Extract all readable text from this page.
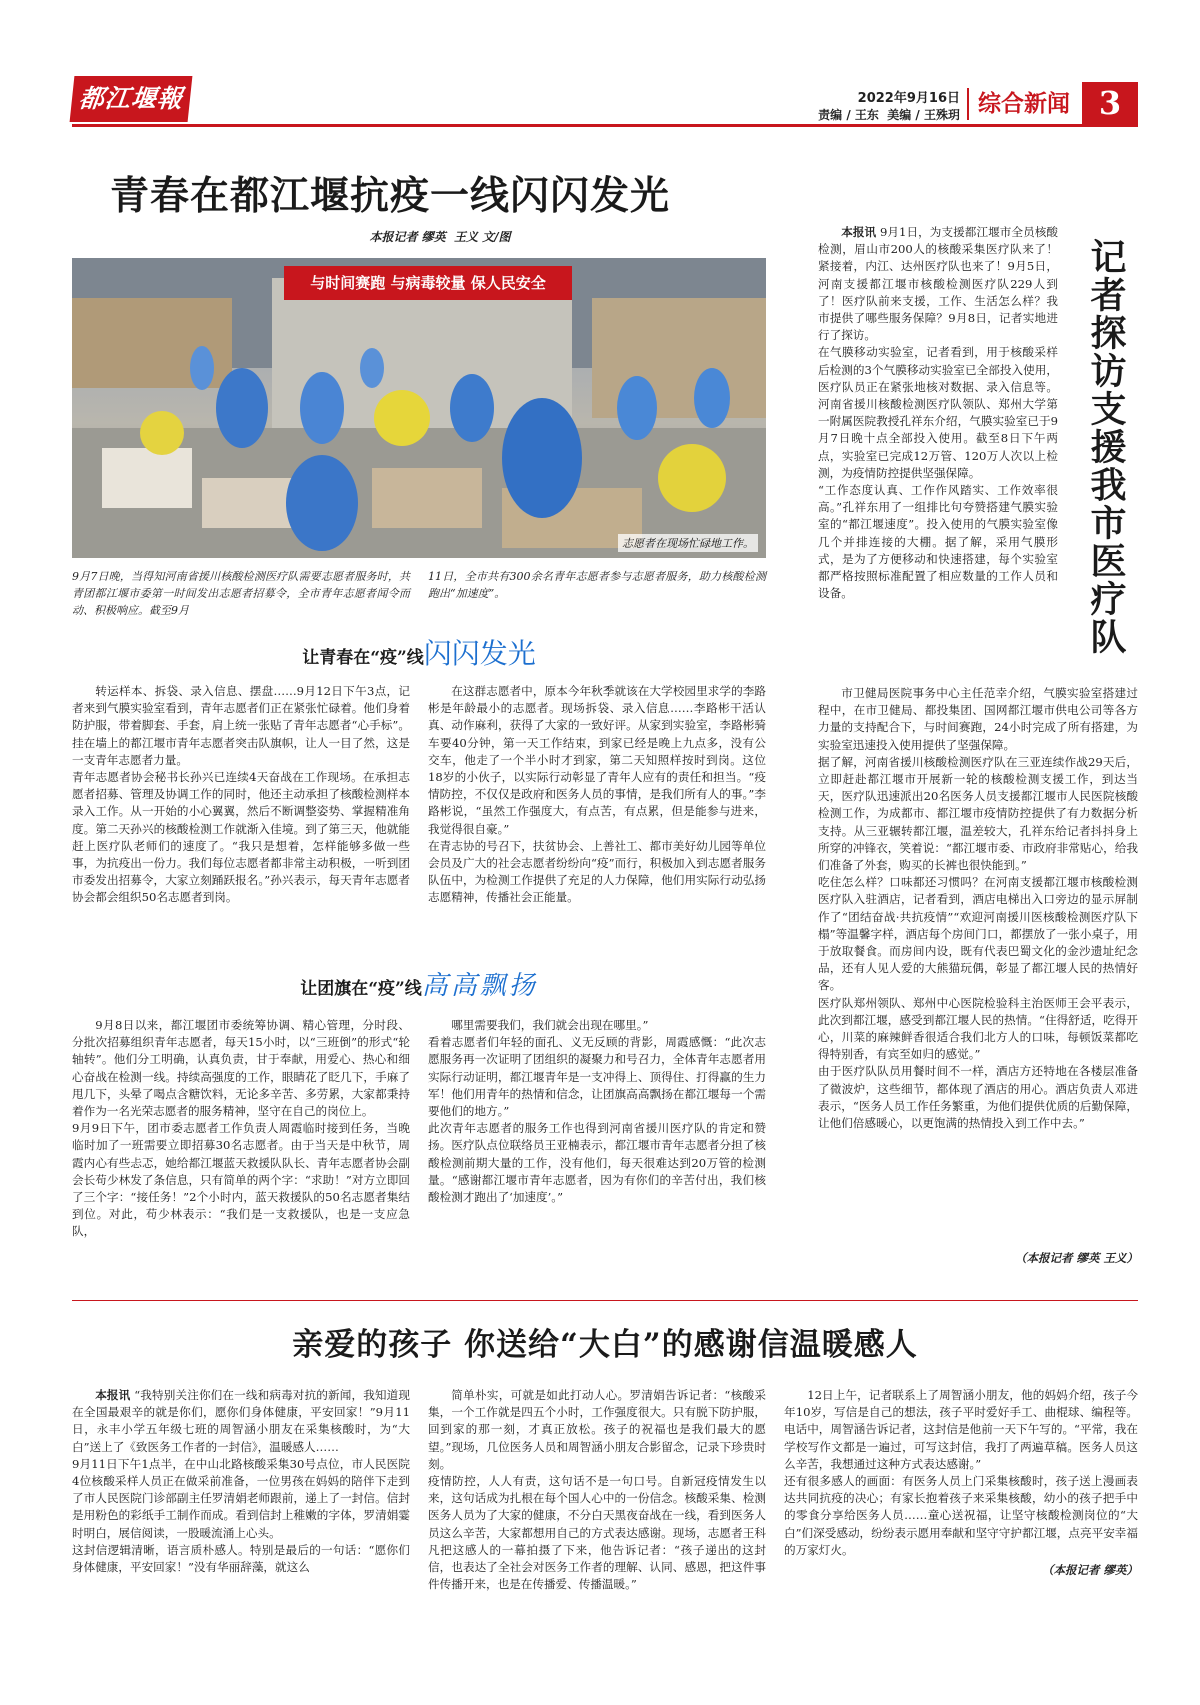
都江堰報	2022年9月16日
责编 / 王东  美编 / 王殊玥 综合新闻 3
青春在都江堰抗疫一线闪闪发光
本报记者 缪英  王义 文/图
与时间赛跑 与病毒较量 保人民安全
志愿者在现场忙碌地工作。
9月7日晚，当得知河南省援川核酸检测医疗队需要志愿者服务时，共青团都江堰市委第一时间发出志愿者招募令，全市青年志愿者闻令而动、积极响应。截至9月
11日，全市共有300余名青年志愿者参与志愿者服务，助力核酸检测跑出“加速度”。
让青春在“疫”线闪闪发光
转运样本、拆袋、录入信息、摆盘……9月12日下午3点，记者来到气膜实验室看到，青年志愿者们正在紧张忙碌着。他们身着防护服，带着脚套、手套，肩上统一张贴了青年志愿者“心手标”。挂在墙上的都江堰市青年志愿者突击队旗帜，让人一目了然，这是一支青年志愿者力量。
青年志愿者协会秘书长孙兴已连续4天奋战在工作现场。在承担志愿者招募、管理及协调工作的同时，他还主动承担了核酸检测样本录入工作。从一开始的小心翼翼，然后不断调整姿势、掌握精准角度。第二天孙兴的核酸检测工作就渐入佳境。到了第三天，他就能赶上医疗队老师们的速度了。“我只是想着，怎样能够多做一些事，为抗疫出一份力。我们每位志愿者都非常主动积极，一听到团市委发出招募令，大家立刻踊跃报名。”孙兴表示，每天青年志愿者协会都会组织50名志愿者到岗。
在这群志愿者中，原本今年秋季就该在大学校园里求学的李路彬是年龄最小的志愿者。现场拆袋、录入信息……李路彬干活认真、动作麻利，获得了大家的一致好评。从家到实验室，李路彬骑车要40分钟，第一天工作结束，到家已经是晚上九点多，没有公交车，他走了一个半小时才到家，第二天知照样按时到岗。这位18岁的小伙子，以实际行动彰显了青年人应有的责任和担当。“疫情防控，不仅仅是政府和医务人员的事情，是我们所有人的事。”李路彬说，“虽然工作强度大，有点苦，有点累，但是能参与进来，我觉得很自豪。”
在青志协的号召下，扶贫协会、上善社工、都市美好幼儿园等单位会员及广大的社会志愿者纷纷向“疫”而行，积极加入到志愿者服务队伍中，为检测工作提供了充足的人力保障，他们用实际行动弘扬志愿精神，传播社会正能量。
让团旗在“疫”线高高飘扬
9月8日以来，都江堰团市委统筹协调、精心管理，分时段、分批次招募组织青年志愿者，每天15小时，以“三班倒”的形式“轮轴转”。他们分工明确，认真负责，甘于奉献，用爱心、热心和细心奋战在检测一线。持续高强度的工作，眼睛花了眨几下，手麻了甩几下，头晕了喝点含糖饮料，无论多辛苦、多劳累，大家都秉持着作为一名光荣志愿者的服务精神，坚守在自己的岗位上。
9月9日下午，团市委志愿者工作负责人周霞临时接到任务，当晚临时加了一班需要立即招募30名志愿者。由于当天是中秋节，周霞内心有些忐忑，她给都江堰蓝天救援队队长、青年志愿者协会副会长苟少林发了条信息，只有简单的两个字：“求助！”对方立即回了三个字：“接任务！”2个小时内，蓝天救援队的50名志愿者集结到位。对此，苟少林表示：“我们是一支救援队，也是一支应急队，
哪里需要我们，我们就会出现在哪里。”
看着志愿者们年轻的面孔、义无反顾的背影，周霞感慨：“此次志愿服务再一次证明了团组织的凝聚力和号召力，全体青年志愿者用实际行动证明，都江堰青年是一支冲得上、顶得住、打得赢的生力军！他们用青年的热情和信念，让团旗高高飘扬在都江堰每一个需要他们的地方。”
此次青年志愿者的服务工作也得到河南省援川医疗队的肯定和赞扬。医疗队点位联络员王亚楠表示，都江堰市青年志愿者分担了核酸检测前期大量的工作，没有他们，每天很难达到20万管的检测量。“感谢都江堰市青年志愿者，因为有你们的辛苦付出，我们核酸检测才跑出了‘加速度’。”
记者探访支援我市医疗队
本报讯 9月1日，为支援都江堰市全员核酸检测，眉山市200人的核酸采集医疗队来了！紧接着，内江、达州医疗队也来了！9月5日，河南支援都江堰市核酸检测医疗队229人到了！医疗队前来支援，工作、生活怎么样？我市提供了哪些服务保障？9月8日，记者实地进行了探访。
在气膜移动实验室，记者看到，用于核酸采样后检测的3个气膜移动实验室已全部投入使用，医疗队员正在紧张地核对数据、录入信息等。河南省援川核酸检测医疗队领队、郑州大学第一附属医院教授孔祥东介绍，气膜实验室已于9月7日晚十点全部投入使用。截至8日下午两点，实验室已完成12万管、120万人次以上检测，为疫情防控提供坚强保障。
“工作态度认真、工作作风踏实、工作效率很高。”孔祥东用了一组排比句夸赞搭建气膜实验室的“都江堰速度”。投入使用的气膜实验室像几个并排连接的大棚。据了解，采用气膜形式，是为了方便移动和快速搭建，每个实验室都严格按照标准配置了相应数量的工作人员和设备。
市卫健局医院事务中心主任范幸介绍，气膜实验室搭建过程中，在市卫健局、都投集团、国网都江堰市供电公司等各方力量的支持配合下，与时间赛跑，24小时完成了所有搭建，为实验室迅速投入使用提供了坚强保障。
据了解，河南省援川核酸检测医疗队在三亚连续作战29天后，立即赶赴都江堰市开展新一轮的核酸检测支援工作，到达当天，医疗队迅速派出20名医务人员支援都江堰市人民医院核酸检测工作，为成都市、都江堰市疫情防控提供了有力数据分析支持。从三亚辗转都江堰，温差较大，孔祥东给记者抖抖身上所穿的冲锋衣，笑着说：“都江堰市委、市政府非常贴心，给我们准备了外套，购买的长裤也很快能到。”
吃住怎么样？口味都还习惯吗？在河南支援都江堰市核酸检测医疗队入驻酒店，记者看到，酒店电梯出入口旁边的显示屏制作了“团结奋战·共抗疫情”“欢迎河南援川医核酸检测医疗队下榻”等温馨字样，酒店每个房间门口，都摆放了一张小桌子，用于放取餐食。而房间内设，既有代表巴蜀文化的金沙遗址纪念品，还有人见人爱的大熊猫玩偶，彰显了都江堰人民的热情好客。
医疗队郑州领队、郑州中心医院检验科主治医师王会平表示，此次到都江堰，感受到都江堰人民的热情。“住得舒适，吃得开心，川菜的麻辣鲜香很适合我们北方人的口味，每顿饭菜都吃得特别香，有宾至如归的感觉。”
由于医疗队队员用餐时间不一样，酒店方还特地在各楼层准备了微波炉，这些细节，都体现了酒店的用心。酒店负责人邓进表示，“医务人员工作任务繁重，为他们提供优质的后勤保障，让他们倍感暖心，以更饱满的热情投入到工作中去。”
（本报记者 缪英 王义）
亲爱的孩子 你送给“大白”的感谢信温暖感人
本报讯 “我特别关注你们在一线和病毒对抗的新闻，我知道现在全国最艰辛的就是你们，愿你们身体健康，平安回家！”9月11日，永丰小学五年级七班的周智涵小朋友在采集核酸时，为“大白”送上了《致医务工作者的一封信》，温暖感人……
9月11日下午1点半，在中山北路核酸采集30号点位，市人民医院4位核酸采样人员正在做采前准备，一位男孩在妈妈的陪伴下走到了市人民医院门诊部副主任罗清娟老师跟前，递上了一封信。信封是用粉色的彩纸手工制作而成。看到信封上稚嫩的字体，罗清娟霎时明白，展信阅读，一股暖流涌上心头。
这封信逻辑清晰，语言质朴感人。特别是最后的一句话：“愿你们身体健康，平安回家！”没有华丽辞藻，就这么
简单朴实，可就是如此打动人心。罗清娟告诉记者：“核酸采集，一个工作就是四五个小时，工作强度很大。只有脱下防护服，回到家的那一刻，才真正放松。孩子的祝福也是我们最大的愿望。”现场，几位医务人员和周智涵小朋友合影留念，记录下珍贵时刻。
疫情防控，人人有责，这句话不是一句口号。自新冠疫情发生以来，这句话成为扎根在每个国人心中的一份信念。核酸采集、检测医务人员为了大家的健康，不分白天黑夜奋战在一线，看到医务人员这么辛苦，大家都想用自己的方式表达感谢。现场，志愿者王科凡把这感人的一幕拍摄了下来，他告诉记者：“孩子递出的这封信，也表达了全社会对医务工作者的理解、认同、感恩，把这件事件传播开来，也是在传播爱、传播温暖。”
12日上午，记者联系上了周智涵小朋友，他的妈妈介绍，孩子今年10岁，写信是自己的想法，孩子平时爱好手工、曲棍球、编程等。电话中，周智涵告诉记者，这封信是他前一天下午写的。“平常，我在学校写作文都是一遍过，可写这封信，我打了两遍草稿。医务人员这么辛苦，我想通过这种方式表达感谢。”
还有很多感人的画面：有医务人员上门采集核酸时，孩子送上漫画表达共同抗疫的决心；有家长抱着孩子来采集核酸，幼小的孩子把手中的零食分享给医务人员……童心送祝福，让坚守核酸检测岗位的“大白”们深受感动，纷纷表示愿用奉献和坚守守护都江堰，点亮平安幸福的万家灯火。
（本报记者 缪英）
